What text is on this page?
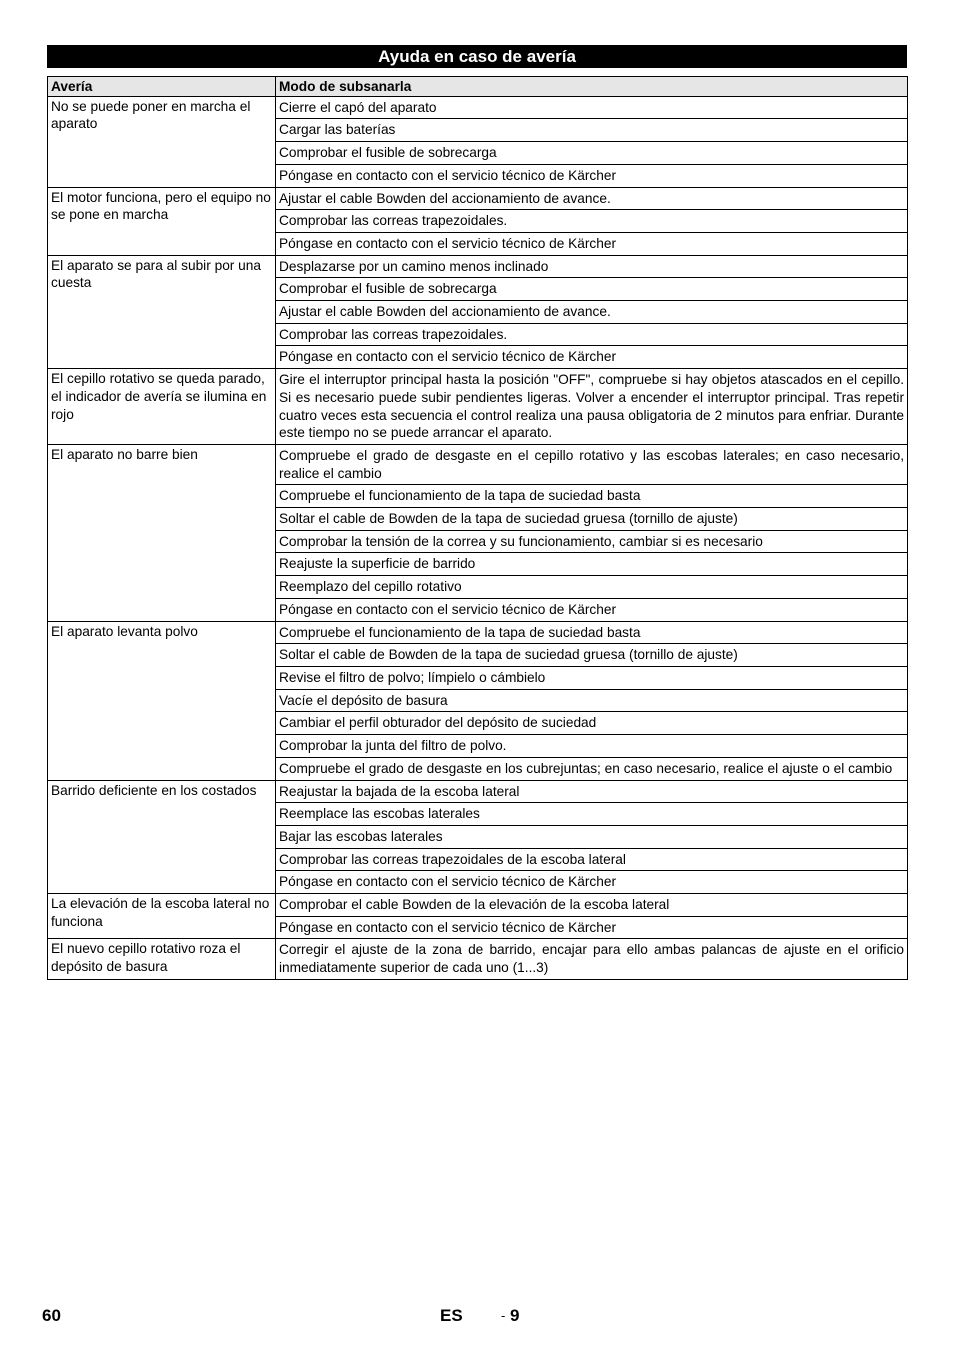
Ayuda en caso de avería
Avería	Modo de subsanarla
No se puede poner en marcha el aparato	Cierre el capó del aparato
	Cargar las baterías
	Comprobar el fusible de sobrecarga
	Póngase en contacto con el servicio técnico de Kärcher
El motor funciona, pero el equipo no se pone en marcha	Ajustar el cable Bowden del accionamiento de avance.
	Comprobar las correas trapezoidales.
	Póngase en contacto con el servicio técnico de Kärcher
El aparato se para al subir por una cuesta	Desplazarse por un camino menos inclinado
	Comprobar el fusible de sobrecarga
	Ajustar el cable Bowden del accionamiento de avance.
	Comprobar las correas trapezoidales.
	Póngase en contacto con el servicio técnico de Kärcher
El cepillo rotativo se queda parado, el indicador de avería se ilumina en rojo	Gire el interruptor principal hasta la posición "OFF", compruebe si hay objetos atascados en el cepillo. Si es necesario puede subir pendientes ligeras. Volver a encender el interruptor principal. Tras repetir cuatro veces esta secuencia el control realiza una pausa obligatoria de 2 minutos para enfriar. Durante este tiempo no se puede arrancar el aparato.
El aparato no barre bien	Compruebe el grado de desgaste en el cepillo rotativo y las escobas laterales; en caso necesario, realice el cambio
	Compruebe el funcionamiento de la tapa de suciedad basta
	Soltar el cable de Bowden de la tapa de suciedad gruesa (tornillo de ajuste)
	Comprobar la tensión de la correa y su funcionamiento, cambiar si es necesario
	Reajuste la superficie de barrido
	Reemplazo del cepillo rotativo
	Póngase en contacto con el servicio técnico de Kärcher
El aparato levanta polvo	Compruebe el funcionamiento de la tapa de suciedad basta
	Soltar el cable de Bowden de la tapa de suciedad gruesa (tornillo de ajuste)
	Revise el filtro de polvo; límpielo o cámbielo
	Vacíe el depósito de basura
	Cambiar el perfil obturador del depósito de suciedad
	Comprobar la junta del filtro de polvo.
	Compruebe el grado de desgaste en los cubrejuntas; en caso necesario, realice el ajuste o el cambio
Barrido deficiente en los costados	Reajustar la bajada de la escoba lateral
	Reemplace las escobas laterales
	Bajar las escobas laterales
	Comprobar las correas trapezoidales de la escoba lateral
	Póngase en contacto con el servicio técnico de Kärcher
La elevación de la escoba lateral no funciona	Comprobar el cable Bowden de la elevación de la escoba lateral
	Póngase en contacto con el servicio técnico de Kärcher
El nuevo cepillo rotativo roza el depósito de basura	Corregir el ajuste de la zona de barrido, encajar para ello ambas palancas de ajuste en el orificio inmediatamente superior de cada uno (1...3)
60	ES	- 9
